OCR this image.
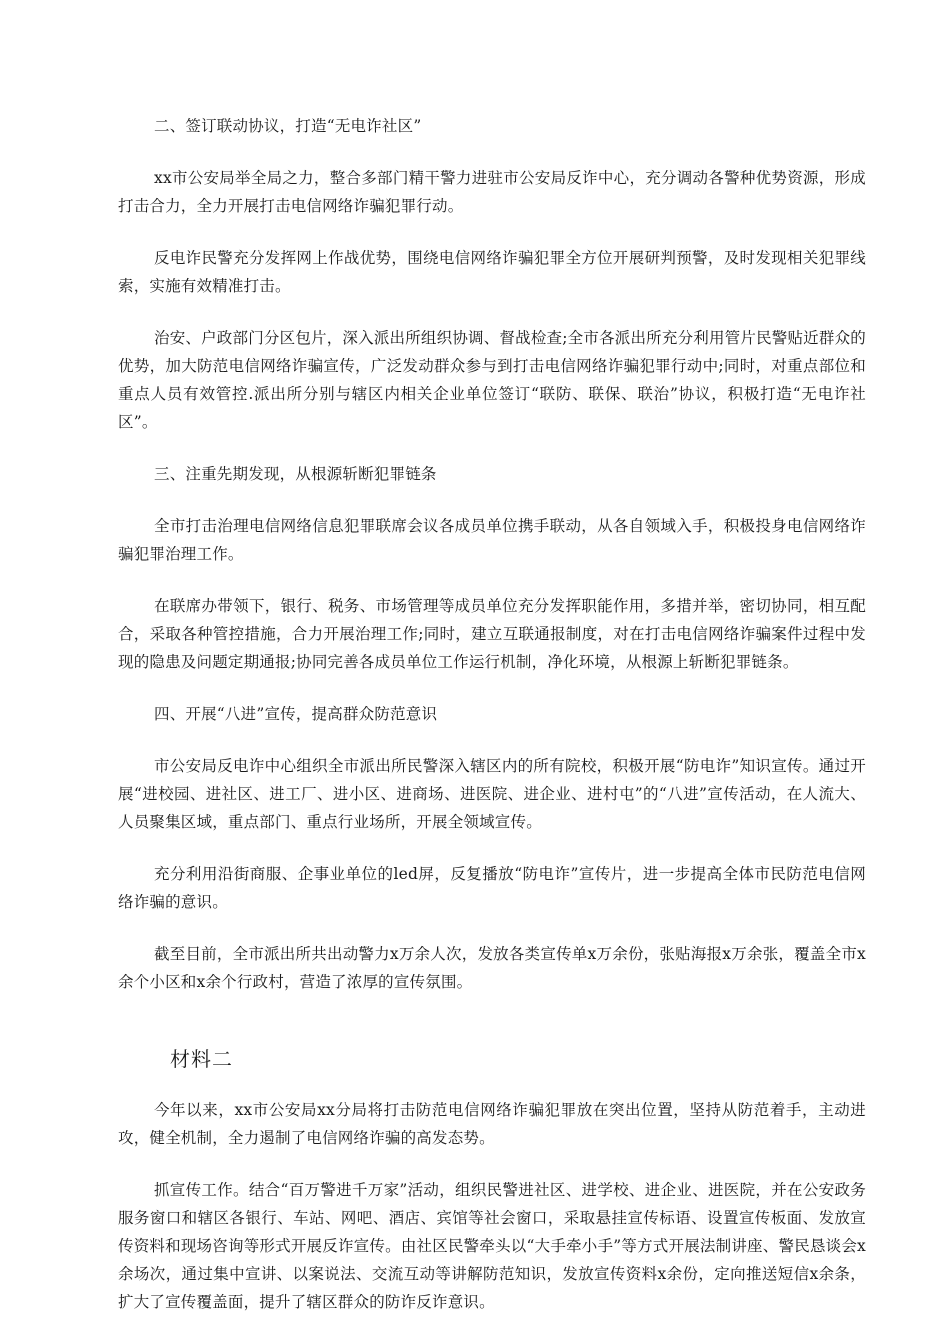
二、签订联动协议，打造“无电诈社区”

xx市公安局举全局之力，整合多部门精干警力进驻市公安局反诈中心，充分调动各警种优势资源，形成打击合力，全力开展打击电信网络诈骗犯罪行动。

反电诈民警充分发挥网上作战优势，围绕电信网络诈骗犯罪全方位开展研判预警，及时发现相关犯罪线索，实施有效精准打击。

治安、户政部门分区包片，深入派出所组织协调、督战检查;全市各派出所充分利用管片民警贴近群众的优势，加大防范电信网络诈骗宣传，广泛发动群众参与到打击电信网络诈骗犯罪行动中;同时，对重点部位和重点人员有效管控.派出所分别与辖区内相关企业单位签订“联防、联保、联治”协议，积极打造“无电诈社区”。

三、注重先期发现，从根源斩断犯罪链条

全市打击治理电信网络信息犯罪联席会议各成员单位携手联动，从各自领域入手，积极投身电信网络诈骗犯罪治理工作。

在联席办带领下，银行、税务、市场管理等成员单位充分发挥职能作用，多措并举，密切协同，相互配合，采取各种管控措施，合力开展治理工作;同时，建立互联通报制度，对在打击电信网络诈骗案件过程中发现的隐患及问题定期通报;协同完善各成员单位工作运行机制，净化环境，从根源上斩断犯罪链条。

四、开展“八进”宣传，提高群众防范意识

市公安局反电诈中心组织全市派出所民警深入辖区内的所有院校，积极开展“防电诈”知识宣传。通过开展“进校园、进社区、进工厂、进小区、进商场、进医院、进企业、进村屯”的“八进”宣传活动，在人流大、人员聚集区域，重点部门、重点行业场所，开展全领域宣传。

充分利用沿街商服、企事业单位的led屏，反复播放“防电诈”宣传片，进一步提高全体市民防范电信网络诈骗的意识。

截至目前，全市派出所共出动警力x万余人次，发放各类宣传单x万余份，张贴海报x万余张，覆盖全市x余个小区和x余个行政村，营造了浓厚的宣传氛围。

材料二

今年以来，xx市公安局xx分局将打击防范电信网络诈骗犯罪放在突出位置，坚持从防范着手，主动进攻，健全机制，全力遏制了电信网络诈骗的高发态势。

抓宣传工作。结合“百万警进千万家”活动，组织民警进社区、进学校、进企业、进医院，并在公安政务服务窗口和辖区各银行、车站、网吧、酒店、宾馆等社会窗口，采取悬挂宣传标语、设置宣传板面、发放宣传资料和现场咨询等形式开展反诈宣传。由社区民警牵头以“大手牵小手”等方式开展法制讲座、警民恳谈会x余场次，通过集中宣讲、以案说法、交流互动等讲解防范知识，发放宣传资料x余份，定向推送短信x余条，扩大了宣传覆盖面，提升了辖区群众的防诈反诈意识。
